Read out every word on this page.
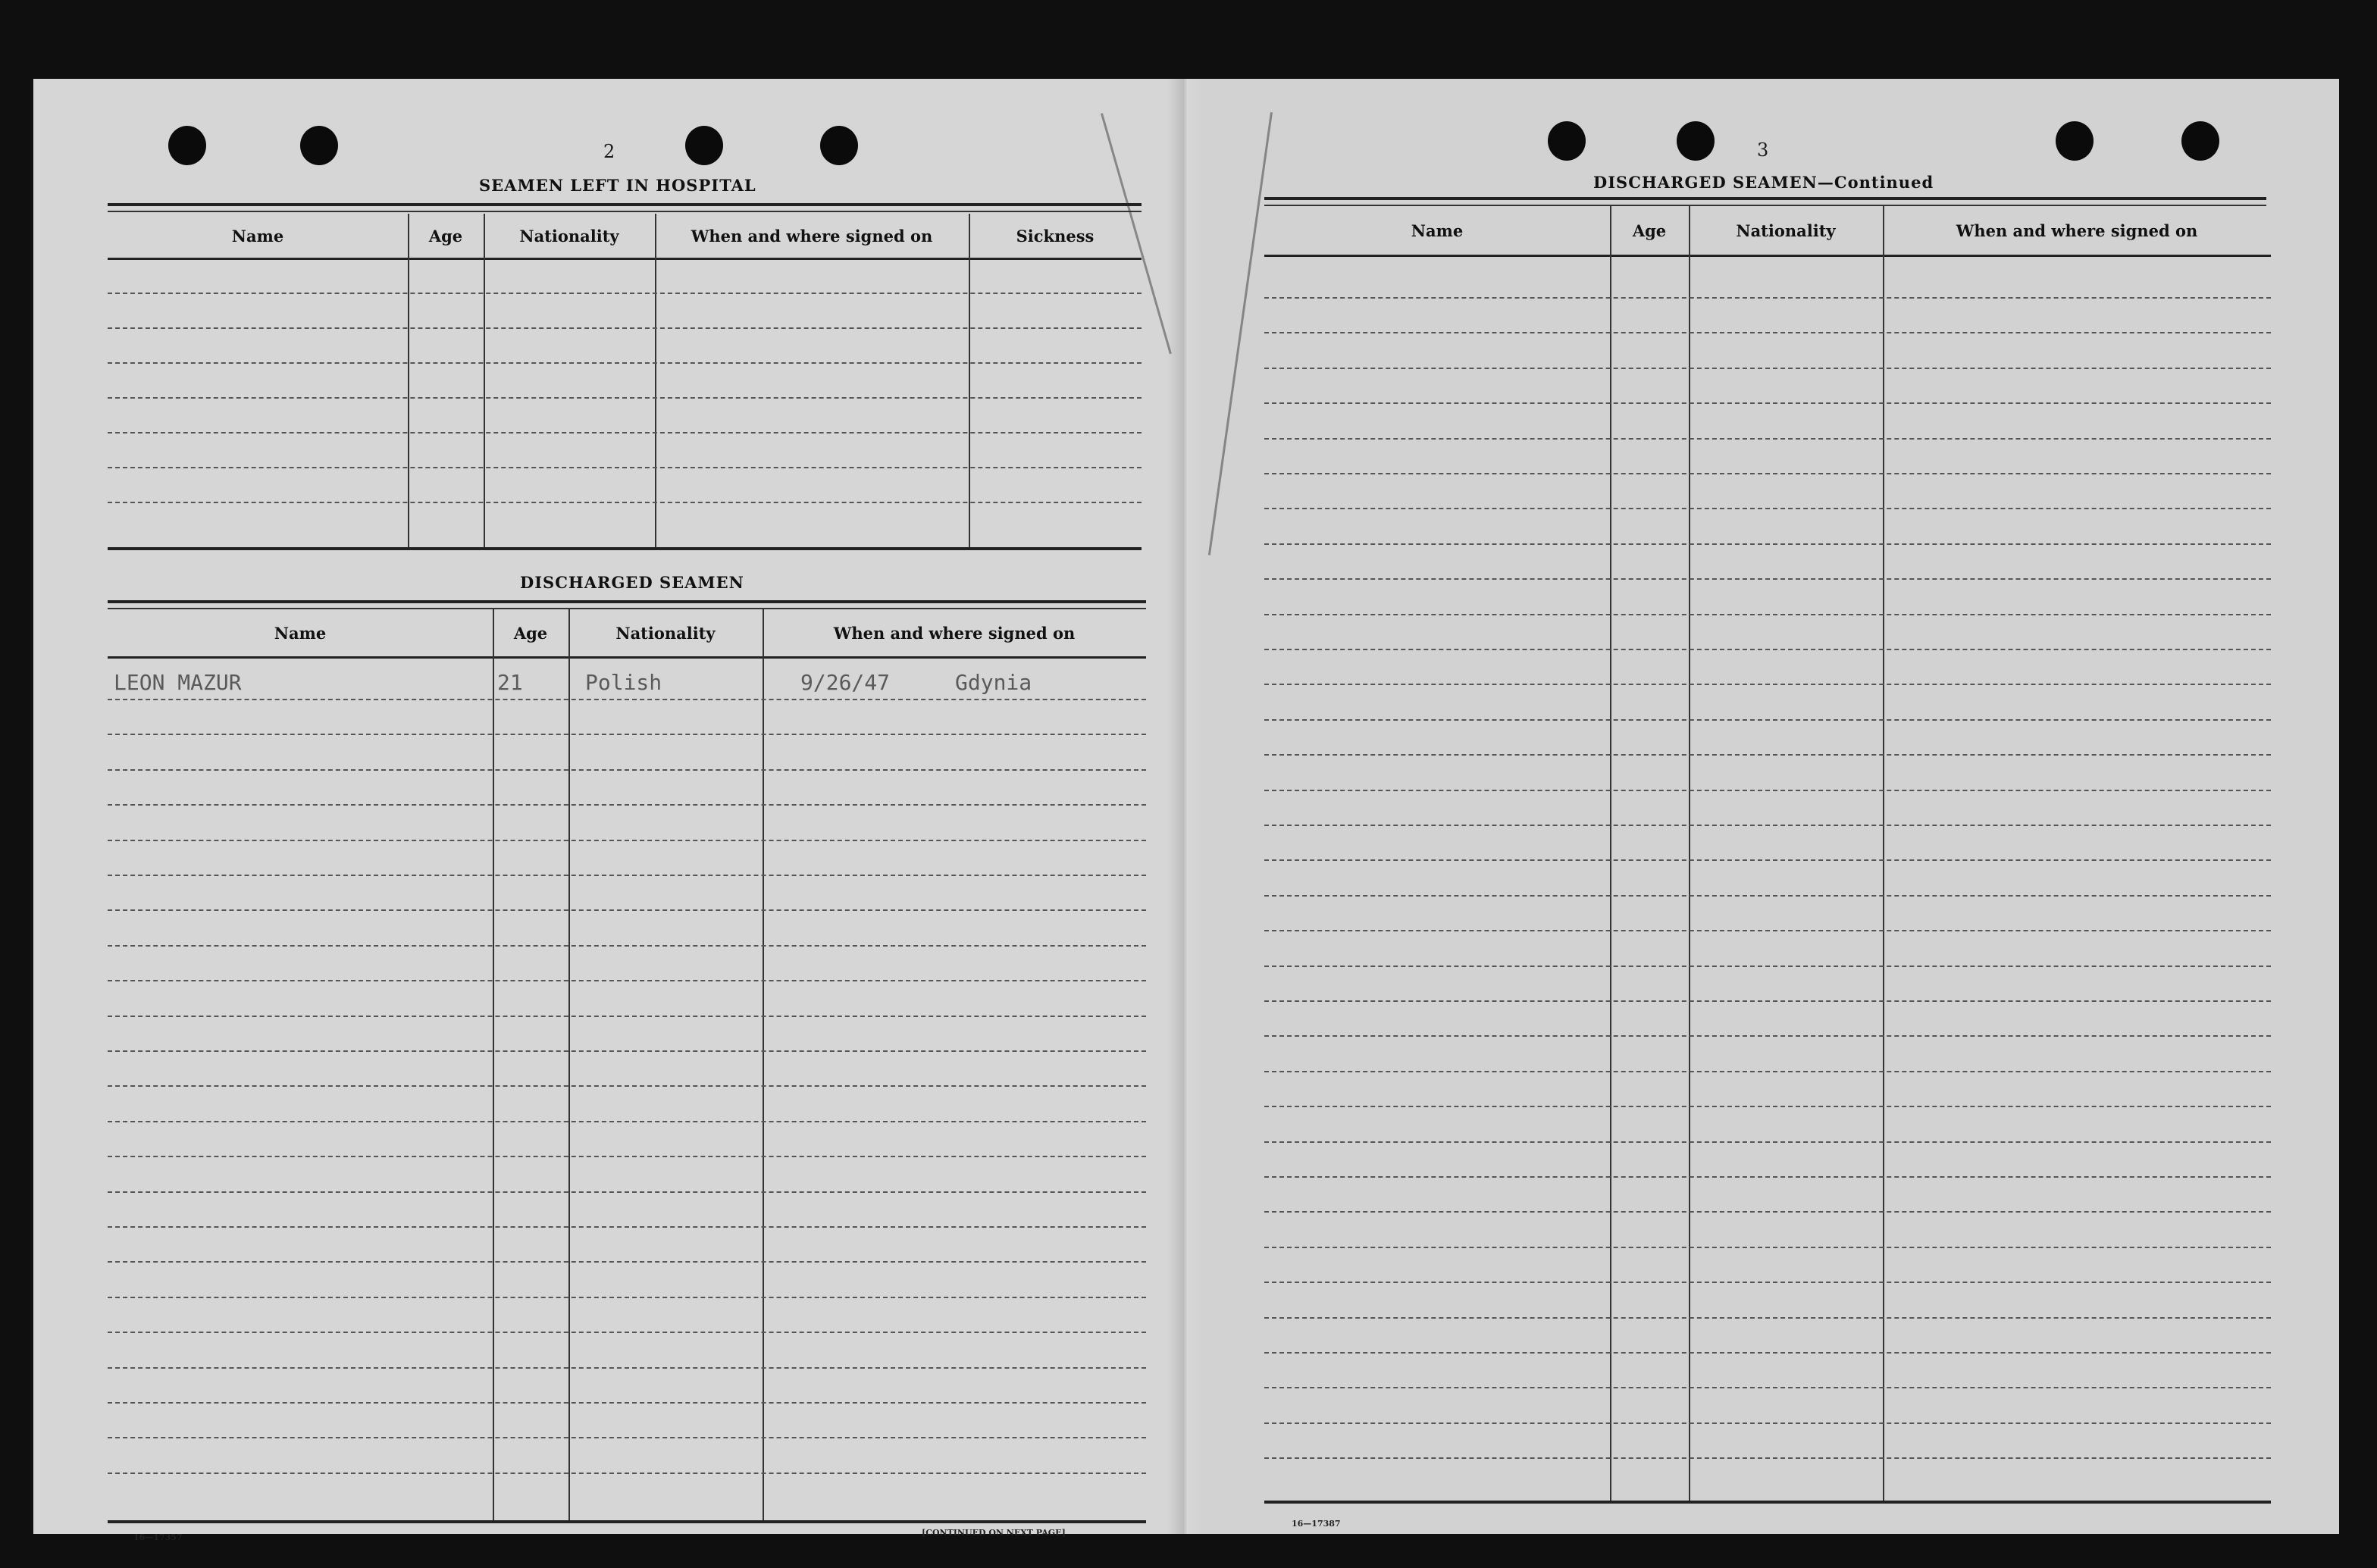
2
SEAMEN LEFT IN HOSPITAL
Name	Age	Nationality	When and where signed on	Sickness
DISCHARGED SEAMEN
Name	Age	Nationality	When and where signed on
LEON MAZUR	21	Polish	9/26/47	Gdynia
16—17357	[CONTINUED ON NEXT PAGE]
3
DISCHARGED SEAMEN—Continued
Name	Age	Nationality	When and where signed on
16—17387
